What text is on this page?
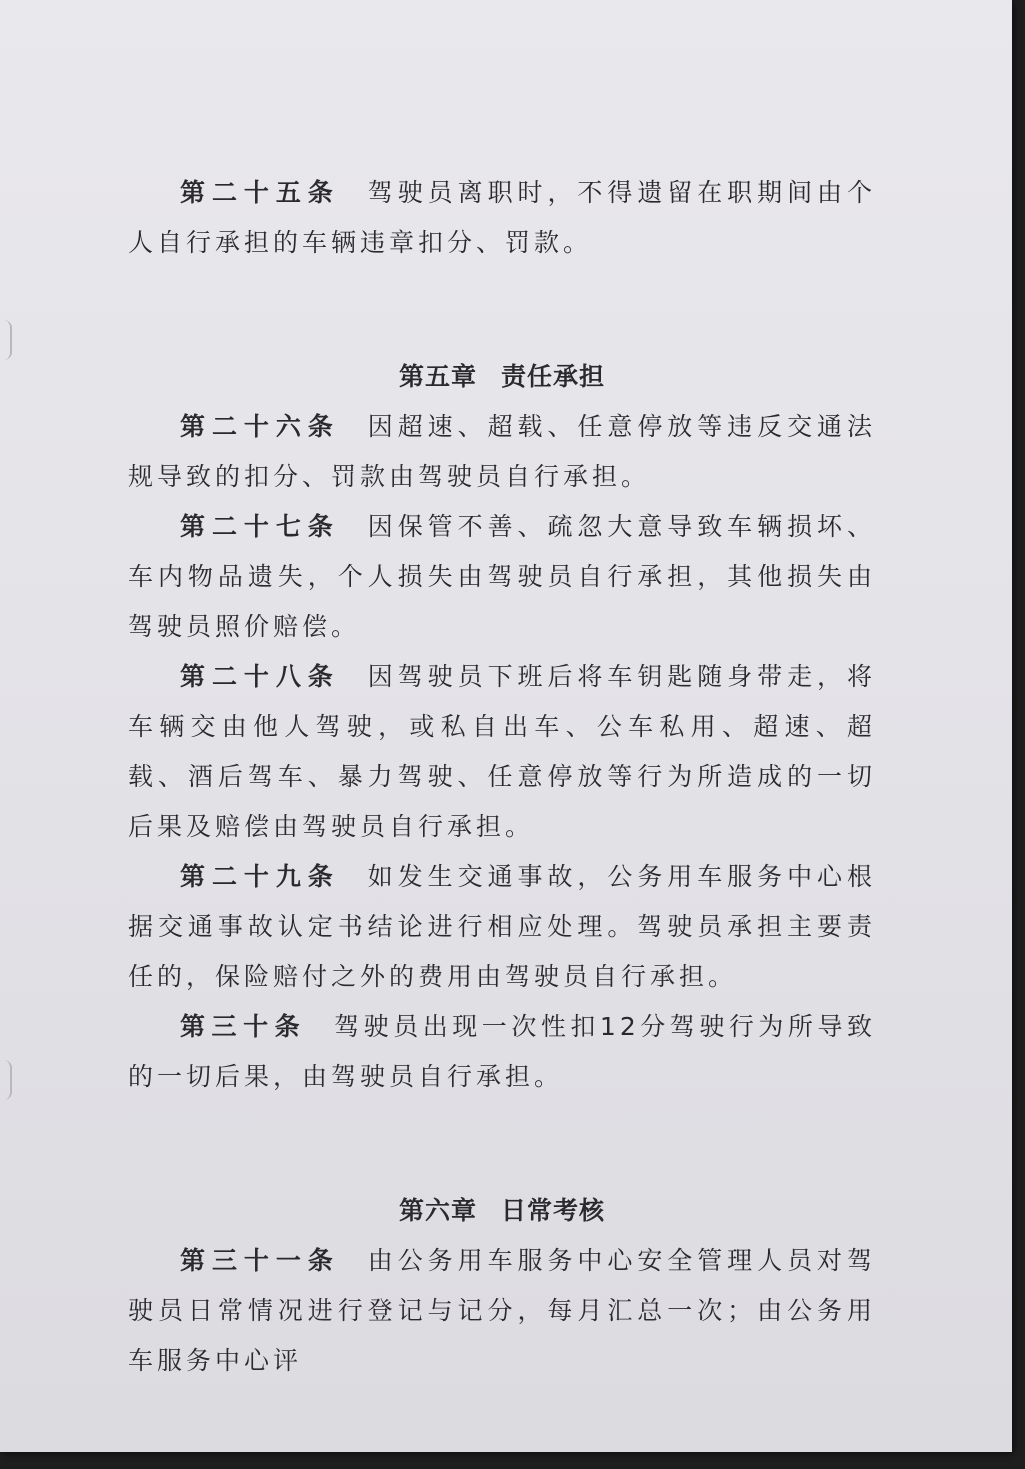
第二十五条 驾驶员离职时，不得遗留在职期间由个人自行承担的车辆违章扣分、罚款。

第五章 责任承担

第二十六条 因超速、超载、任意停放等违反交通法规导致的扣分、罚款由驾驶员自行承担。

第二十七条 因保管不善、疏忽大意导致车辆损坏、车内物品遗失，个人损失由驾驶员自行承担，其他损失由驾驶员照价赔偿。

第二十八条 因驾驶员下班后将车钥匙随身带走，将车辆交由他人驾驶，或私自出车、公车私用、超速、超载、酒后驾车、暴力驾驶、任意停放等行为所造成的一切后果及赔偿由驾驶员自行承担。

第二十九条 如发生交通事故，公务用车服务中心根据交通事故认定书结论进行相应处理。驾驶员承担主要责任的，保险赔付之外的费用由驾驶员自行承担。

第三十条 驾驶员出现一次性扣12分驾驶行为所导致的一切后果，由驾驶员自行承担。

第六章 日常考核

第三十一条 由公务用车服务中心安全管理人员对驾驶员日常情况进行登记与记分，每月汇总一次；由公务用车服务中心评
